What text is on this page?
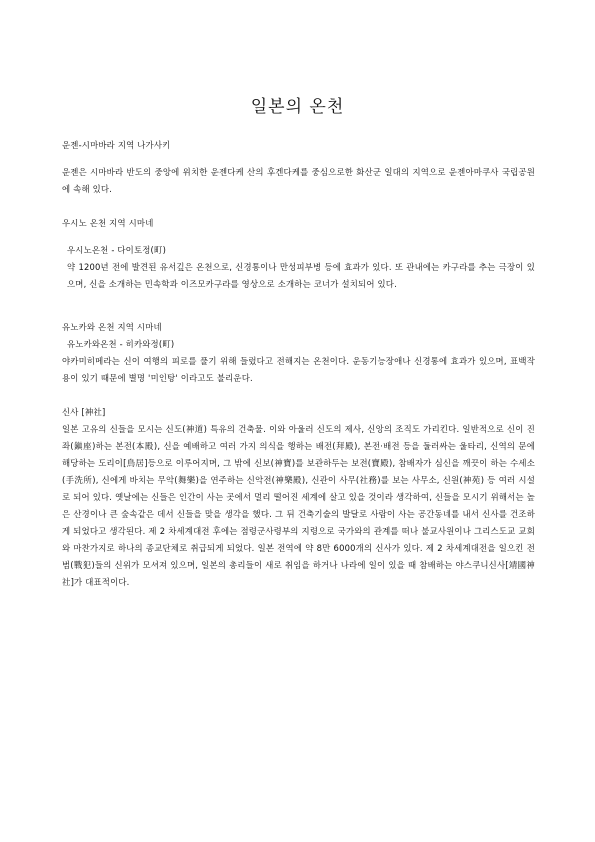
일본의 온천

운젠-시마바라 지역 나가사키

운젠은 시마바라 반도의 중앙에 위치한 운젠다케 산의 후겐다케를 중심으로한 화산군 일대의 지역으로 운젠아마쿠사 국립공원에 속해 있다.

우시노 온천 지역 시마네

우시노온천 - 다이토정(町)

약 1200년 전에 발견된 유서깊은 온천으로, 신경통이나 만성피부병 등에 효과가 있다. 또 관내에는 카구라를 추는 극장이 있으며, 신을 소개하는 민속학과 이즈모카구라를 영상으로 소개하는 코너가 설치되어 있다.

유노카와 온천 지역 시마네

유노카와온천 - 히카와정(町)

야카미히메라는 신이 여행의 피로를 풀기 위해 들렀다고 전해지는 온천이다. 운동기능장애나 신경통에 효과가 있으며, 표백작용이 있기 때문에 별명 '미인탕' 이라고도 불리운다.

신사 [神社]

일본 고유의 신들을 모시는 신도(神道) 특유의 건축물. 이와 아울러 신도의 제사, 신앙의 조직도 가리킨다. 일반적으로 신이 진좌(鎭座)하는 본전(本殿), 신을 예배하고 여러 가지 의식을 행하는 배전(拜殿), 본전·배전 등을 둘러싸는 울타리, 신역의 문에 해당하는 도리이[鳥居]등으로 이루어지며, 그 밖에 신보(神寶)를 보관하두는 보전(寶殿), 참배자가 심신을 깨끗이 하는 수세소(手洗所), 신에게 바치는 무악(舞樂)을 연주하는 신악전(神樂殿), 신관이 사무(社務)를 보는 사무소, 신원(神苑) 등 여러 시설로 되어 있다. 옛날에는 신들은 인간이 사는 곳에서 멀리 떨어진 세계에 살고 있을 것이라 생각하여, 신들을 모시기 위해서는 높은 산경이나 큰 숲속같은 데서 신들을 맞을 생각을 했다. 그 뒤 건축기술의 발달로 사람이 사는 공간동네를 내서 신사를 건조하게 되었다고 생각된다. 제 2 차세계대전 후에는 점령군사령부의 지령으로 국가와의 관계를 떠나 불교사원이나 그리스도교 교회와 마찬가지로 하나의 종교단체로 취급되게 되었다. 일본 전역에 약 8만 6000개의 신사가 있다. 제 2 차세계대전을 일으킨 전범(戰犯)들의 신위가 모셔져 있으며, 일본의 총리들이 새로 취임을 하거나 나라에 일이 있을 때 참배하는 야스쿠니신사[靖國神社]가 대표적이다.
